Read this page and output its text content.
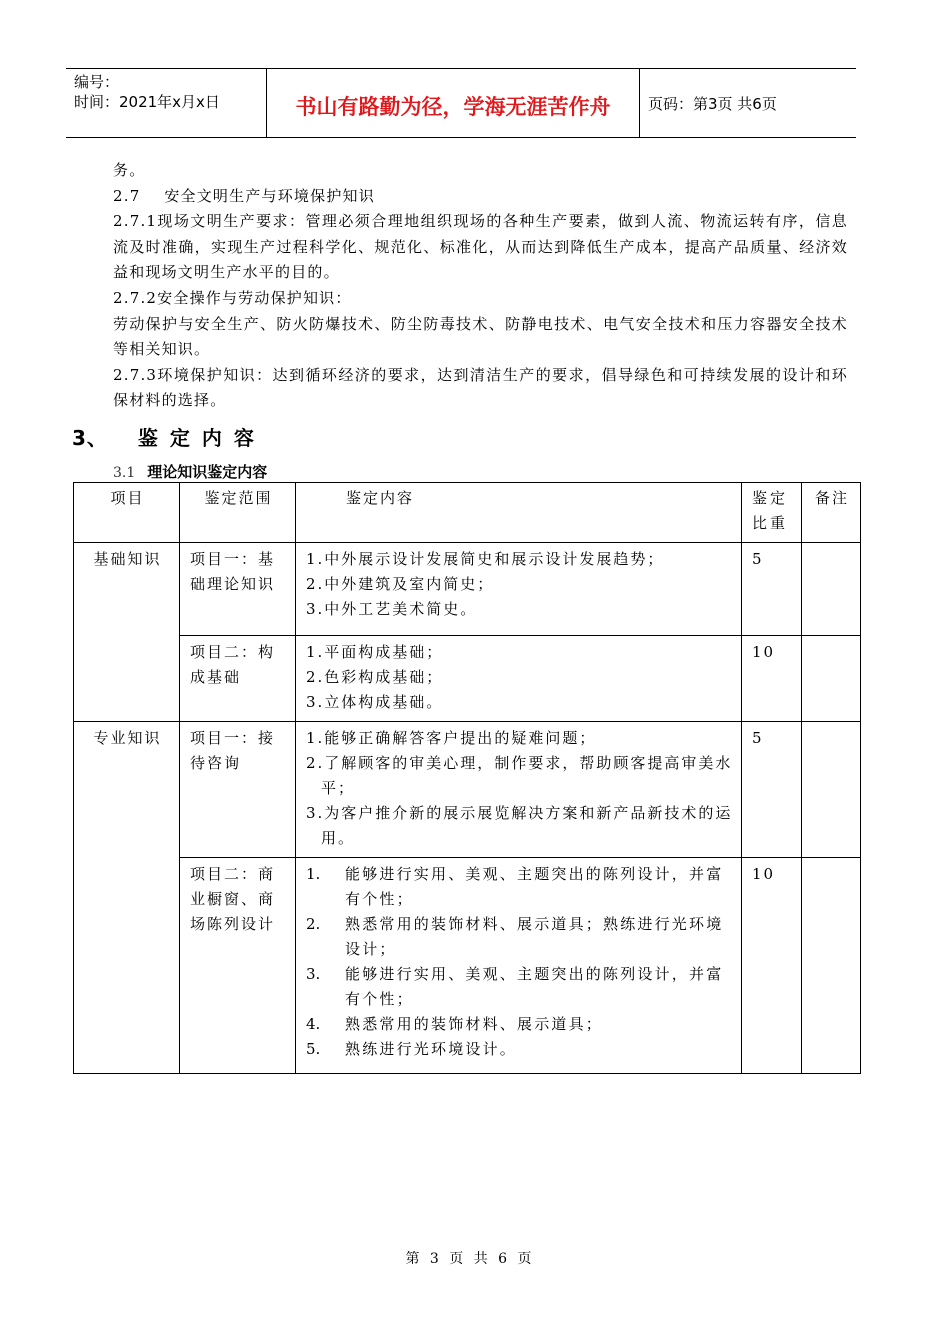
编号：
时间：2021年x月x日	书山有路勤为径，学海无涯苦作舟	页码：第3页 共6页

务。

2.7    安全文明生产与环境保护知识

2.7.1现场文明生产要求：管理必须合理地组织现场的各种生产要素，做到人流、物流运转有序，信息流及时准确，实现生产过程科学化、规范化、标准化，从而达到降低生产成本，提高产品质量、经济效益和现场文明生产水平的目的。

2.7.2安全操作与劳动保护知识：

劳动保护与安全生产、防火防爆技术、防尘防毒技术、防静电技术、电气安全技术和压力容器安全技术等相关知识。

2.7.3环境保护知识：达到循环经济的要求，达到清洁生产的要求，倡导绿色和可持续发展的设计和环保材料的选择。

3、 鉴定内容
3.1 理论知识鉴定内容
项目	鉴定范围	鉴定内容	鉴定比重	备注
基础知识	项目一：基础理论知识	1.中外展示设计发展简史和展示设计发展趋势；
2.中外建筑及室内简史；
3.中外工艺美术简史。	5	
	项目二：构成基础	1.平面构成基础；
2.色彩构成基础；
3.立体构成基础。	10	
专业知识	项目一：接待咨询	1.能够正确解答客户提出的疑难问题；
2.了解顾客的审美心理，制作要求，帮助顾客提高审美水平；
3.为客户推介新的展示展览解决方案和新产品新技术的运用。	5	
	项目二：商业橱窗、商场陈列设计	1. 能够进行实用、美观、主题突出的陈列设计，并富有个性；
2. 熟悉常用的装饰材料、展示道具；熟练进行光环境设计；
3. 能够进行实用、美观、主题突出的陈列设计，并富有个性；
4. 熟悉常用的装饰材料、展示道具；
5. 熟练进行光环境设计。	10	
第 3 页 共 6 页
